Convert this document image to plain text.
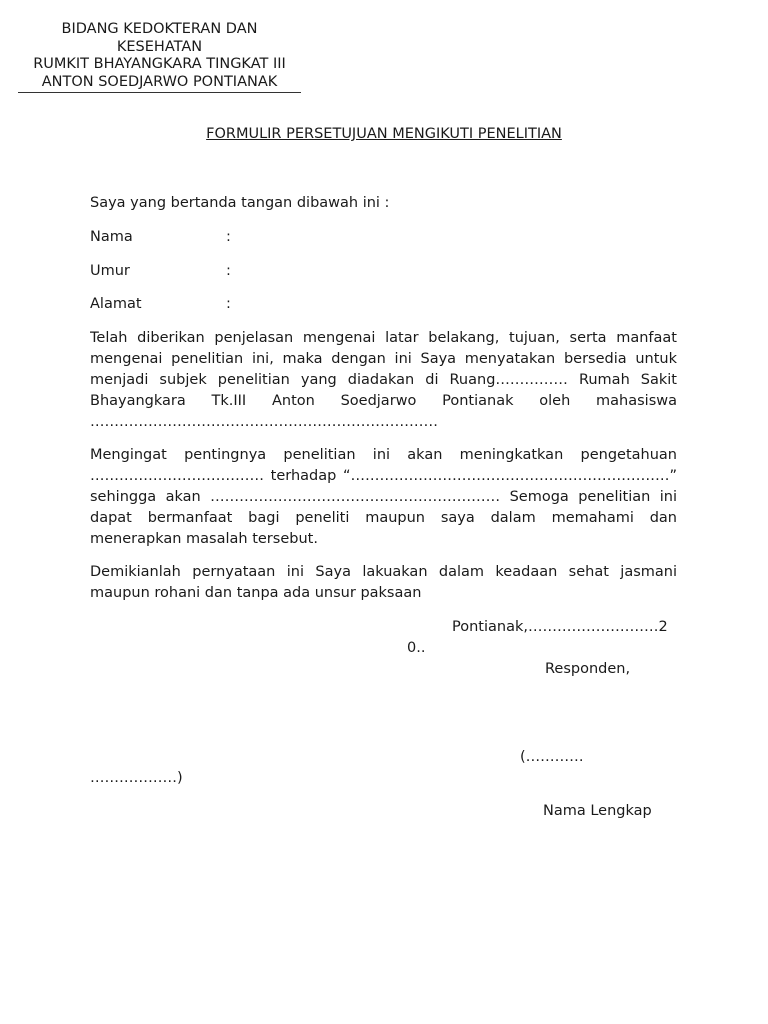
BIDANG KEDOKTERAN DAN
KESEHATAN
RUMKIT BHAYANGKARA TINGKAT III
ANTON SOEDJARWO PONTIANAK
FORMULIR PERSETUJUAN MENGIKUTI PENELITIAN
Saya yang bertanda tangan dibawah ini :
Nama	:
Umur	:
Alamat	:
Telah diberikan penjelasan mengenai latar belakang, tujuan, serta manfaat
mengenai penelitian ini, maka dengan ini Saya menyatakan bersedia untuk
menjadi subjek penelitian yang diadakan di Ruang…………… Rumah Sakit
Bhayangkara Tk.III Anton Soedjarwo Pontianak oleh mahasiswa
………………………………………………………………
Mengingat pentingnya penelitian ini akan meningkatkan pengetahuan
……………………………… terhadap “…………………………………………………………”
sehingga akan …………………………………………………… Semoga penelitian ini
dapat bermanfaat bagi peneliti maupun saya dalam memahami dan
menerapkan masalah tersebut.
Demikianlah pernyataan ini Saya lakuakan dalam keadaan sehat jasmani
maupun rohani dan tanpa ada unsur paksaan
Pontianak,………………………2
0..
Responden,
(…………
………………)
Nama Lengkap
